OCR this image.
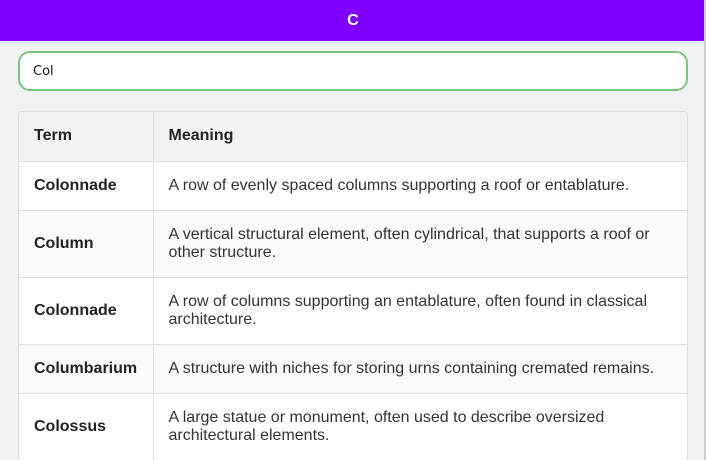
C
Col
Term	Meaning
Colonnade	A row of evenly spaced columns supporting a roof or entablature.
Column	A vertical structural element, often cylindrical, that supports a roof or other structure.
Colonnade	A row of columns supporting an entablature, often found in classical architecture.
Columbarium	A structure with niches for storing urns containing cremated remains.
Colossus	A large statue or monument, often used to describe oversized architectural elements.
